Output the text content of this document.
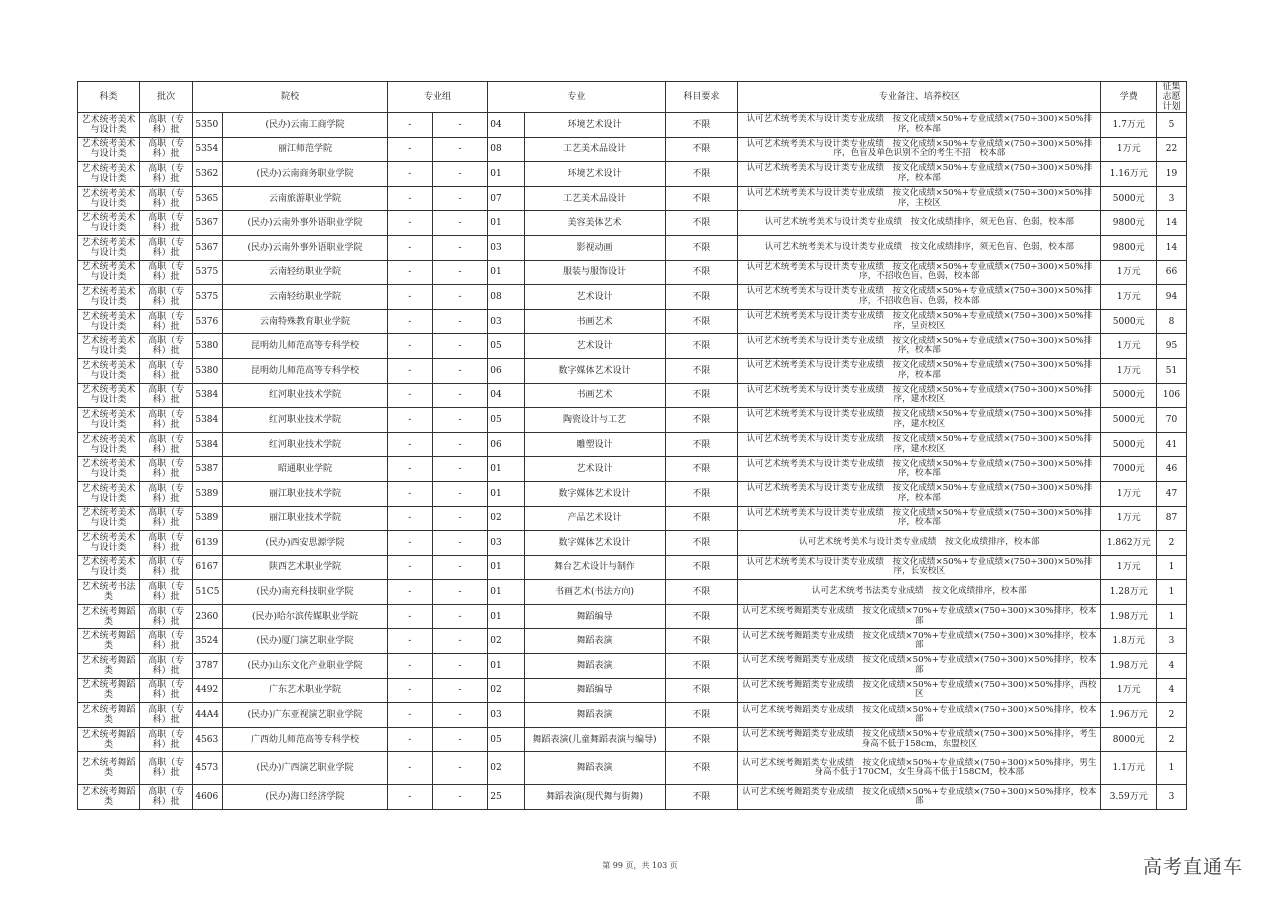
科类	批次	院校		专业组		专业		科目要求	专业备注、培养校区	学费	征集志愿计划
艺术统考美术与设计类	高职（专科）批	5350	(民办)云南工商学院	-	-	04	环境艺术设计	不限	认可艺术统考美术与设计类专业成绩　按文化成绩×50%+专业成绩×(750÷300)×50%排序，校本部	1.7万元	5
艺术统考美术与设计类	高职（专科）批	5354	丽江师范学院	-	-	08	工艺美术品设计	不限	认可艺术统考美术与设计类专业成绩　按文化成绩×50%+专业成绩×(750÷300)×50%排序，色盲及单色识别不全的考生不招　校本部	1万元	22
艺术统考美术与设计类	高职（专科）批	5362	(民办)云南商务职业学院	-	-	01	环境艺术设计	不限	认可艺术统考美术与设计类专业成绩　按文化成绩×50%+专业成绩×(750÷300)×50%排序，校本部	1.16万元	19
艺术统考美术与设计类	高职（专科）批	5365	云南旅游职业学院	-	-	07	工艺美术品设计	不限	认可艺术统考美术与设计类专业成绩　按文化成绩×50%+专业成绩×(750÷300)×50%排序，主校区	5000元	3
艺术统考美术与设计类	高职（专科）批	5367	(民办)云南外事外语职业学院	-	-	01	美容美体艺术	不限	认可艺术统考美术与设计类专业成绩　按文化成绩排序，须无色盲、色弱，校本部	9800元	14
艺术统考美术与设计类	高职（专科）批	5367	(民办)云南外事外语职业学院	-	-	03	影视动画	不限	认可艺术统考美术与设计类专业成绩　按文化成绩排序，须无色盲、色弱，校本部	9800元	14
艺术统考美术与设计类	高职（专科）批	5375	云南轻纺职业学院	-	-	01	服装与服饰设计	不限	认可艺术统考美术与设计类专业成绩　按文化成绩×50%+专业成绩×(750÷300)×50%排序，不招收色盲、色弱，校本部	1万元	66
艺术统考美术与设计类	高职（专科）批	5375	云南轻纺职业学院	-	-	08	艺术设计	不限	认可艺术统考美术与设计类专业成绩　按文化成绩×50%+专业成绩×(750÷300)×50%排序，不招收色盲、色弱，校本部	1万元	94
艺术统考美术与设计类	高职（专科）批	5376	云南特殊教育职业学院	-	-	03	书画艺术	不限	认可艺术统考美术与设计类专业成绩　按文化成绩×50%+专业成绩×(750÷300)×50%排序，呈贡校区	5000元	8
艺术统考美术与设计类	高职（专科）批	5380	昆明幼儿师范高等专科学校	-	-	05	艺术设计	不限	认可艺术统考美术与设计类专业成绩　按文化成绩×50%+专业成绩×(750÷300)×50%排序，校本部	1万元	95
艺术统考美术与设计类	高职（专科）批	5380	昆明幼儿师范高等专科学校	-	-	06	数字媒体艺术设计	不限	认可艺术统考美术与设计类专业成绩　按文化成绩×50%+专业成绩×(750÷300)×50%排序，校本部	1万元	51
艺术统考美术与设计类	高职（专科）批	5384	红河职业技术学院	-	-	04	书画艺术	不限	认可艺术统考美术与设计类专业成绩　按文化成绩×50%+专业成绩×(750÷300)×50%排序，建水校区	5000元	106
艺术统考美术与设计类	高职（专科）批	5384	红河职业技术学院	-	-	05	陶瓷设计与工艺	不限	认可艺术统考美术与设计类专业成绩　按文化成绩×50%+专业成绩×(750÷300)×50%排序，建水校区	5000元	70
艺术统考美术与设计类	高职（专科）批	5384	红河职业技术学院	-	-	06	雕塑设计	不限	认可艺术统考美术与设计类专业成绩　按文化成绩×50%+专业成绩×(750÷300)×50%排序，建水校区	5000元	41
艺术统考美术与设计类	高职（专科）批	5387	昭通职业学院	-	-	01	艺术设计	不限	认可艺术统考美术与设计类专业成绩　按文化成绩×50%+专业成绩×(750÷300)×50%排序，校本部	7000元	46
艺术统考美术与设计类	高职（专科）批	5389	丽江职业技术学院	-	-	01	数字媒体艺术设计	不限	认可艺术统考美术与设计类专业成绩　按文化成绩×50%+专业成绩×(750÷300)×50%排序，校本部	1万元	47
艺术统考美术与设计类	高职（专科）批	5389	丽江职业技术学院	-	-	02	产品艺术设计	不限	认可艺术统考美术与设计类专业成绩　按文化成绩×50%+专业成绩×(750÷300)×50%排序，校本部	1万元	87
艺术统考美术与设计类	高职（专科）批	6139	(民办)西安思源学院	-	-	03	数字媒体艺术设计	不限	认可艺术统考美术与设计类专业成绩　按文化成绩排序，校本部	1.862万元	2
艺术统考美术与设计类	高职（专科）批	6167	陕西艺术职业学院	-	-	01	舞台艺术设计与制作	不限	认可艺术统考美术与设计类专业成绩　按文化成绩×50%+专业成绩×(750÷300)×50%排序，长安校区	1万元	1
艺术统考书法类	高职（专科）批	51C5	(民办)南充科技职业学院	-	-	01	书画艺术(书法方向)	不限	认可艺术统考书法类专业成绩　按文化成绩排序，校本部	1.28万元	1
艺术统考舞蹈类	高职（专科）批	2360	(民办)哈尔滨传媒职业学院	-	-	01	舞蹈编导	不限	认可艺术统考舞蹈类专业成绩　按文化成绩×70%+专业成绩×(750÷300)×30%排序，校本部	1.98万元	1
艺术统考舞蹈类	高职（专科）批	3524	(民办)厦门演艺职业学院	-	-	02	舞蹈表演	不限	认可艺术统考舞蹈类专业成绩　按文化成绩×70%+专业成绩×(750÷300)×30%排序，校本部	1.8万元	3
艺术统考舞蹈类	高职（专科）批	3787	(民办)山东文化产业职业学院	-	-	01	舞蹈表演	不限	认可艺术统考舞蹈类专业成绩　按文化成绩×50%+专业成绩×(750÷300)×50%排序，校本部	1.98万元	4
艺术统考舞蹈类	高职（专科）批	4492	广东艺术职业学院	-	-	02	舞蹈编导	不限	认可艺术统考舞蹈类专业成绩　按文化成绩×50%+专业成绩×(750÷300)×50%排序，西校区	1万元	4
艺术统考舞蹈类	高职（专科）批	44A4	(民办)广东亚视演艺职业学院	-	-	03	舞蹈表演	不限	认可艺术统考舞蹈类专业成绩　按文化成绩×50%+专业成绩×(750÷300)×50%排序，校本部	1.96万元	2
艺术统考舞蹈类	高职（专科）批	4563	广西幼儿师范高等专科学校	-	-	05	舞蹈表演(儿童舞蹈表演与编导)	不限	认可艺术统考舞蹈类专业成绩　按文化成绩×50%+专业成绩×(750÷300)×50%排序，考生身高不低于158cm，东盟校区	8000元	2
艺术统考舞蹈类	高职（专科）批	4573	(民办)广西演艺职业学院	-	-	02	舞蹈表演	不限	认可艺术统考舞蹈类专业成绩　按文化成绩×50%+专业成绩×(750÷300)×50%排序，男生身高不低于170CM，女生身高不低于158CM，校本部	1.1万元	1
艺术统考舞蹈类	高职（专科）批	4606	(民办)海口经济学院	-	-	25	舞蹈表演(现代舞与街舞)	不限	认可艺术统考舞蹈类专业成绩　按文化成绩×50%+专业成绩×(750÷300)×50%排序，校本部	3.59万元	3
第 99 页，共 103 页	高考直通车
